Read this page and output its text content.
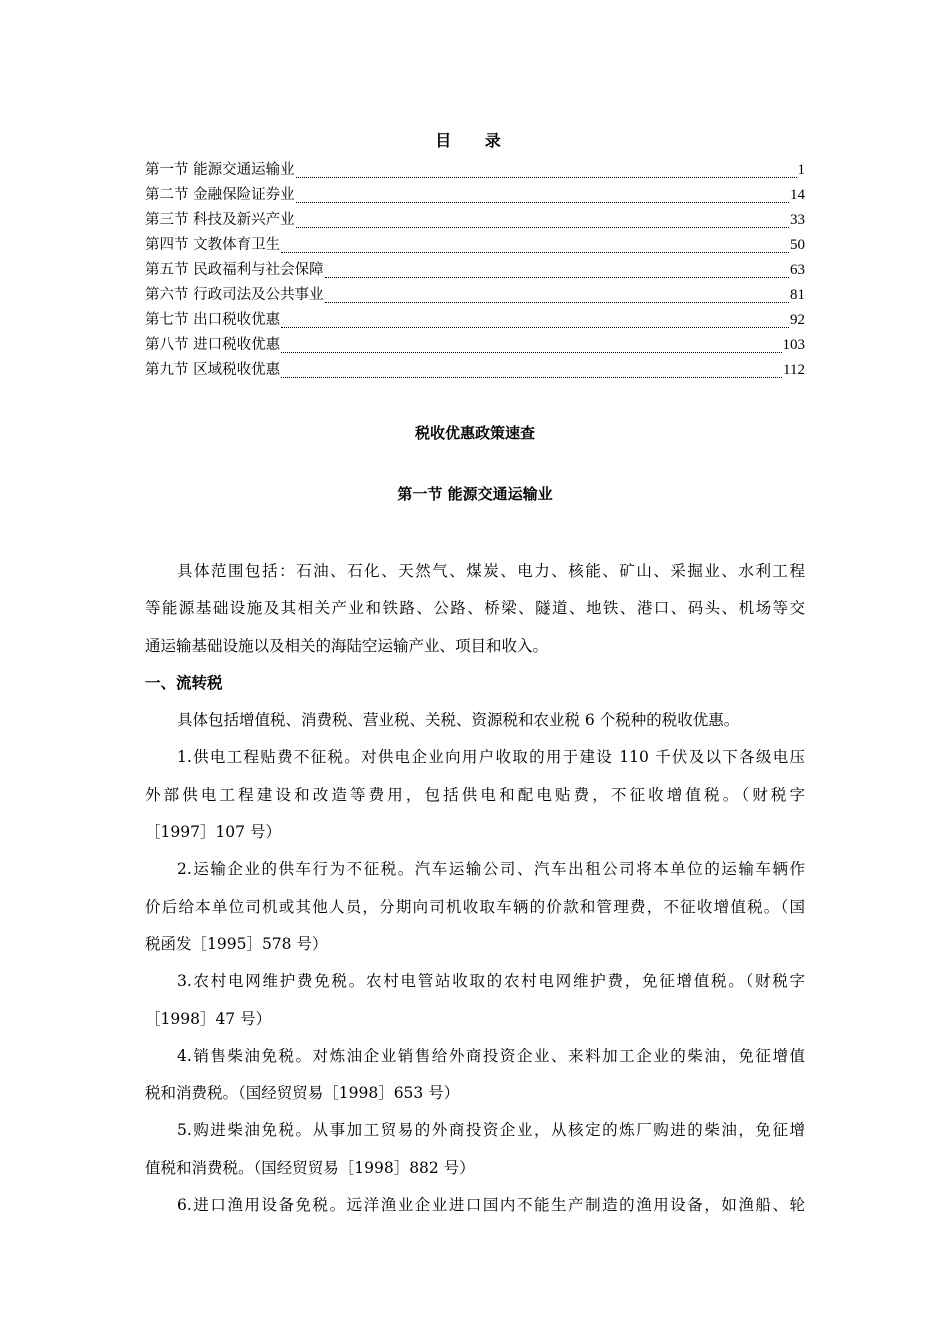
目 录
第一节 能源交通运输业	1
第二节 金融保险证券业	14
第三节 科技及新兴产业	33
第四节 文教体育卫生	50
第五节 民政福利与社会保障	63
第六节 行政司法及公共事业	81
第七节 出口税收优惠	92
第八节 进口税收优惠	103
第九节 区域税收优惠	112
税收优惠政策速查
第一节 能源交通运输业
具体范围包括：石油、石化、天然气、煤炭、电力、核能、矿山、采掘业、水利工程
等能源基础设施及其相关产业和铁路、公路、桥梁、隧道、地铁、港口、码头、机场等交
通运输基础设施以及相关的海陆空运输产业、项目和收入。
一、流转税
具体包括增值税、消费税、营业税、关税、资源税和农业税 6 个税种的税收优惠。
1.供电工程贴费不征税。对供电企业向用户收取的用于建设 110 千伏及以下各级电压
外部供电工程建设和改造等费用，包括供电和配电贴费，不征收增值税。（财税字
［1997］107 号）
2.运输企业的供车行为不征税。汽车运输公司、汽车出租公司将本单位的运输车辆作
价后给本单位司机或其他人员，分期向司机收取车辆的价款和管理费，不征收增值税。（国
税函发［1995］578 号）
3.农村电网维护费免税。农村电管站收取的农村电网维护费，免征增值税。（财税字
［1998］47 号）
4.销售柴油免税。对炼油企业销售给外商投资企业、来料加工企业的柴油，免征增值
税和消费税。（国经贸贸易［1998］653 号）
5.购进柴油免税。从事加工贸易的外商投资企业，从核定的炼厂购进的柴油，免征增
值税和消费税。（国经贸贸易［1998］882 号）
6.进口渔用设备免税。远洋渔业企业进口国内不能生产制造的渔用设备，如渔船、轮
